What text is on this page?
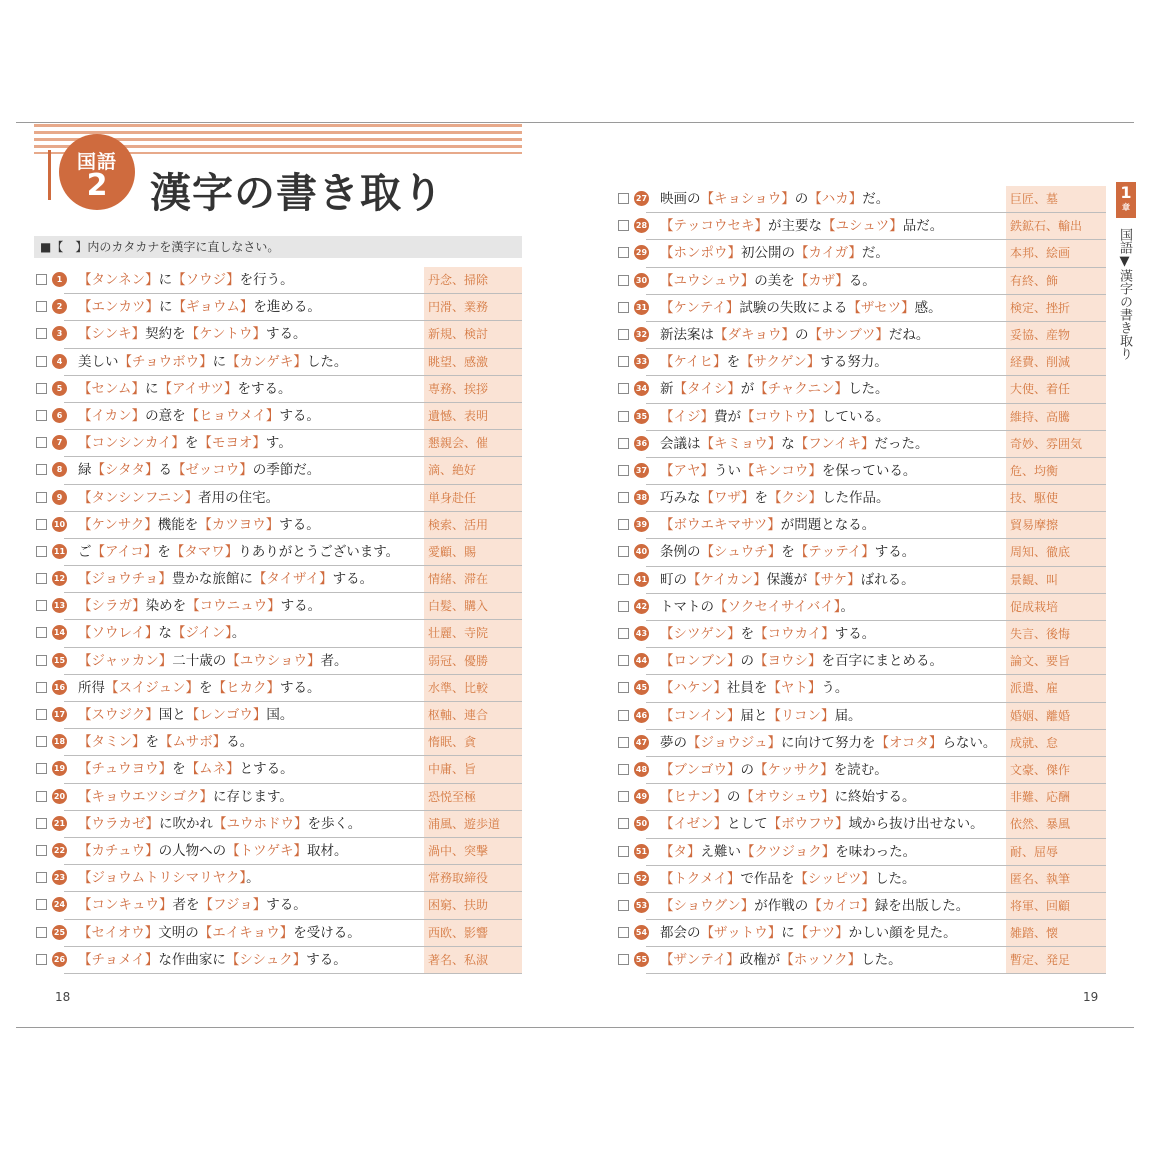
国語
2	漢字の書き取り
■【　】内のカタカナを漢字に直しなさい。
1	【タンネン】に【ソウジ】を行う。	丹念、掃除
2	【エンカツ】に【ギョウム】を進める。	円滑、業務
3	【シンキ】契約を【ケントウ】する。	新規、検討
4	美しい【チョウボウ】に【カンゲキ】した。	眺望、感激
5	【センム】に【アイサツ】をする。	専務、挨拶
6	【イカン】の意を【ヒョウメイ】する。	遺憾、表明
7	【コンシンカイ】を【モヨオ】す。	懇親会、催
8	緑【シタタ】る【ゼッコウ】の季節だ。	滴、絶好
9	【タンシンフニン】者用の住宅。	単身赴任
10 【ケンサク】機能を【カツヨウ】する。	検索、活用
11 ご【アイコ】を【タマワ】りありがとうございます。	愛顧、賜
12 【ジョウチョ】豊かな旅館に【タイザイ】する。	情緒、滞在
13 【シラガ】染めを【コウニュウ】する。	白髪、購入
14 【ソウレイ】な【ジイン】。	壮麗、寺院
15 【ジャッカン】二十歳の【ユウショウ】者。	弱冠、優勝
16 所得【スイジュン】を【ヒカク】する。	水準、比較
17 【スウジク】国と【レンゴウ】国。	枢軸、連合
18 【タミン】を【ムサボ】る。	惰眠、貪
19 【チュウヨウ】を【ムネ】とする。	中庸、旨
20 【キョウエツシゴク】に存じます。	恐悦至極
21 【ウラカゼ】に吹かれ【ユウホドウ】を歩く。	浦風、遊歩道
22 【カチュウ】の人物への【トツゲキ】取材。	渦中、突撃
23 【ジョウムトリシマリヤク】。	常務取締役
24 【コンキュウ】者を【フジョ】する。	困窮、扶助
25 【セイオウ】文明の【エイキョウ】を受ける。	西欧、影響
26 【チョメイ】な作曲家に【シシュク】する。	著名、私淑
27 映画の【キョショウ】の【ハカ】だ。	巨匠、墓
28 【テッコウセキ】が主要な【ユシュツ】品だ。	鉄鉱石、輸出
29 【ホンポウ】初公開の【カイガ】だ。	本邦、絵画
30 【ユウシュウ】の美を【カザ】る。	有終、飾
31 【ケンテイ】試験の失敗による【ザセツ】感。	検定、挫折
32 新法案は【ダキョウ】の【サンブツ】だね。	妥協、産物
33 【ケイヒ】を【サクゲン】する努力。	経費、削減
34 新【タイシ】が【チャクニン】した。	大使、着任
35 【イジ】費が【コウトウ】している。	維持、高騰
36 会議は【キミョウ】な【フンイキ】だった。	奇妙、雰囲気
37 【アヤ】うい【キンコウ】を保っている。	危、均衡
38 巧みな【ワザ】を【クシ】した作品。	技、駆使
39 【ボウエキマサツ】が問題となる。	貿易摩擦
40 条例の【シュウチ】を【テッテイ】する。	周知、徹底
41 町の【ケイカン】保護が【サケ】ばれる。	景観、叫
42 トマトの【ソクセイサイバイ】。	促成栽培
43 【シツゲン】を【コウカイ】する。	失言、後悔
44 【ロンブン】の【ヨウシ】を百字にまとめる。	論文、要旨
45 【ハケン】社員を【ヤト】う。	派遣、雇
46 【コンイン】届と【リコン】届。	婚姻、離婚
47 夢の【ジョウジュ】に向けて努力を【オコタ】らない。	成就、怠
48 【ブンゴウ】の【ケッサク】を読む。	文豪、傑作
49 【ヒナン】の【オウシュウ】に終始する。	非難、応酬
50 【イゼン】として【ボウフウ】域から抜け出せない。	依然、暴風
51 【タ】え難い【クツジョク】を味わった。	耐、屈辱
52 【トクメイ】で作品を【シッピツ】した。	匿名、執筆
53 【ショウグン】が作戦の【カイコ】録を出版した。	将軍、回顧
54 都会の【ザットウ】に【ナツ】かしい顔を見た。	雑踏、懐
55 【ザンテイ】政権が【ホッソク】した。	暫定、発足
1
章
国語▼漢字の書き取り
18	19
